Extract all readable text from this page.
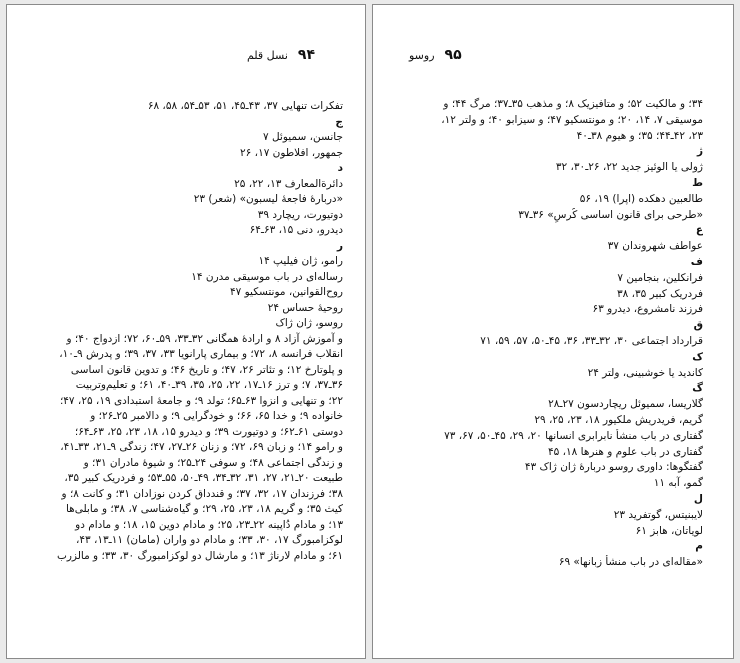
۹۴
نسل قلم

تفکرات تنهایی ۳۷، ۴۳ـ۴۵، ۵۱، ۵۳ـ۵۴، ۵۸، ۶۸

ج

جانسن، سمیوئل ۷

جمهور، افلاطون ۱۷، ۲۶

د

دائرةالمعارف ۱۳، ۲۲، ۲۵

«دربارهٔ فاجعهٔ لیسبون» (شعر) ۲۳

دوتیورت، ریچارد ۳۹

دیدرو، دنی ۱۵، ۶۳ـ۶۴

ر

رامو، ژان فیلیپ ۱۴

رساله‌ای در باب موسیقی مدرن ۱۴

روح‌القوانین، مونتسکیو ۴۷

روحیهٔ حساس ۲۴

روسو، ژان ژاک

و آموزش آزاد ۸ و ارادهٔ همگانی ۳۲ـ۳۳، ۵۹ـ۶۰، ۷۲؛ ازدواج ۴۰؛ و

انقلاب فرانسه ۸، ۷۲؛ و بیماری پارانویا ۳۳، ۳۷، ۳۹؛ و پدرش ۹ـ۱۰،

و پلوتارخ ۱۲؛ و تئاتر ۲۶، ۴۷؛ و تاریخ ۴۶؛ و تدوین قانون اساسی

۳۶ـ۳۷، ۷؛ و ترز ۱۶ـ۱۷، ۲۲، ۲۵، ۳۵، ۳۹ـ۴۰، ۶۱؛ و تعلیم‌وتربیت

۲۲؛ و تنهایی و انزوا ۶۳ـ۶۵؛ تولد ۹؛ و جامعهٔ استبدادی ۱۹، ۲۵، ۴۷؛

خانواده ۹؛ و خدا ۶۵، ۶۶؛ و خودگرایی ۹؛ و دالامبر ۲۵ـ۲۶؛ و

دوستی ۶۱ـ۶۲؛ و دوتیورت ۳۹؛ و دیدرو ۱۵، ۱۸، ۲۳، ۲۵، ۶۳ـ۶۴؛

و رامو ۱۴؛ و زبان ۶۹، ۷۲؛ و زنان ۲۶ـ۲۷، ۴۷؛ زندگی ۹ـ۲۱، ۳۳ـ۴۱،

و زندگی اجتماعی ۴۸؛ و سوفی ۲۴ـ۲۵؛ و شیوهٔ مادران ۳۱؛ و

طبیعت ۲۰ـ۲۱، ۲۷، ۳۱، ۳۲ـ۳۴، ۴۹ـ۵۰، ۵۵ـ۵۳؛ و فردریک کبیر ۳۵،

۳۸؛ فرزندان ۱۷، ۳۲، ۳۷؛ و قندداق کردن نوزادان ۳۱؛ و کانت ۸؛ و

کیث ۳۵؛ و گریم ۱۸، ۲۳، ۲۵، ۲۹؛ و گیاه‌شناسی ۷، ۳۸؛ و مابلی‌ها

۱۳؛ و مادام دُاپینه ۲۲ـ۲۳، ۲۵؛ و مادام دوین ۱۵، ۱۸؛ و مادام دو

لوکزامبورگ ۱۷، ۳۰، ۳۳؛ و مادام دو واران (مامان) ۱۱ـ۱۳، ۴۳،

۶۱؛ و مادام لارناژ ۱۳؛ و مارشال دو لوکزامبورگ ۳۰، ۳۳؛ و مالزرب

۹۵
روسو

۳۴؛ و مالکیت ۵۲؛ و متافیزیک ۸؛ و مذهب ۳۵ـ۳۷؛ مرگ ۴۴؛ و

موسیقی ۷، ۱۴، ۲۰؛ و مونتسکیو ۴۷؛ و سیزابو ۴۰؛ و ولتر ۱۲،

۲۳، ۴۲ـ۴۴؛ ۳۵؛ و هیوم ۳۸ـ۴۰

ژ

ژولی یا الوئیز جدید ۲۲، ۲۶ـ۳۰، ۳۲

ط

طالعبین دهکده (اپرا) ۱۹، ۵۶

«طرحی برای قانون اساسی کُرسِ» ۳۶ـ۳۷

ع

عواطف شهروندان ۳۷

ف

فرانکلین، بنجامین ۷

فردریک کبیر ۳۵، ۳۸

فرزند نامشروع، دیدرو ۶۳

ق

قرارداد اجتماعی ۳۰، ۳۲ـ۳۳، ۳۶، ۴۵ـ۵۰، ۵۷، ۵۹، ۷۱

ک

کاندید یا خوشبینی، ولتر ۲۴

گ

گلاریسا، سمیوئل ریچاردسون ۲۷ـ۲۸

گریم، فریدریش ملکیور ۱۸، ۲۳، ۲۵، ۲۹

گفتاری در باب منشأ نابرابری انسانها ۲۰، ۲۹، ۴۵ـ۵۰، ۶۷، ۷۳

گفتاری در باب علوم و هنرها ۱۸، ۴۵

گفتگوها: داوری روسو دربارهٔ ژان ژاک ۴۳

گمو، آبه ۱۱

ل

لایبنیتس، گوتفرید ۲۳

لویاتان، هابز ۶۱

م

«مقاله‌ای در باب منشأ زبانها» ۶۹
